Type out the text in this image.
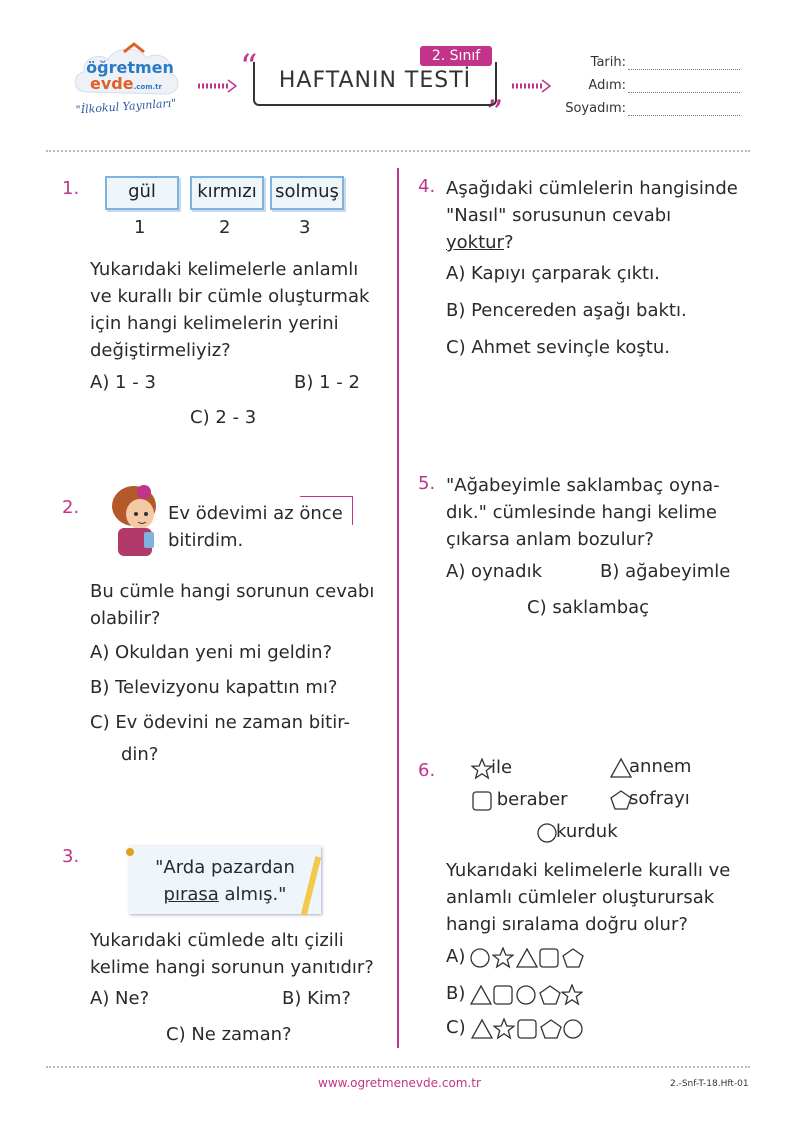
öğretmen
evde.com.tr
"İlkokul Yayınları"
“
”
HAFTANIN TESTİ
2. Sınıf	Tarih:
Adım:
Soyadım:
1.	gül	kırmızı	solmuş
1	2	3
Yukarıdaki kelimelerle anlamlı
ve kurallı bir cümle oluşturmak
için hangi kelimelerin yerini
değiştirmeliyiz?
A) 1 - 3	B) 1 - 2
C) 2 - 3
2.	Ev ödevimi az önce
bitirdim.
Bu cümle hangi sorunun cevabı
olabilir?
A) Okuldan yeni mi geldin?
B) Televizyonu kapattın mı?
C) Ev ödevini ne zaman bitir-
din?
3.
"Arda pazardan
pırasa almış."
Yukarıdaki cümlede altı çizili
kelime hangi sorunun yanıtıdır?
A) Ne?	B) Kim?
C) Ne zaman?
4. Aşağıdaki cümlelerin hangisinde
"Nasıl" sorusunun cevabı
yoktur?
A) Kapıyı çarparak çıktı.
B) Pencereden aşağı baktı.
C) Ahmet sevinçle koştu.
5. "Ağabeyimle saklambaç oyna-
dık." cümlesinde hangi kelime
çıkarsa anlam bozulur?
A) oynadık	B) ağabeyimle
C) saklambaç
6.	ile	annem
beraber	sofrayı
kurduk
Yukarıdaki kelimelerle kurallı ve
anlamlı cümleler oluşturursak
hangi sıralama doğru olur?
A)
B)
C)
www.ogretmenevde.com.tr	2.-Snf-T-18.Hft-01
